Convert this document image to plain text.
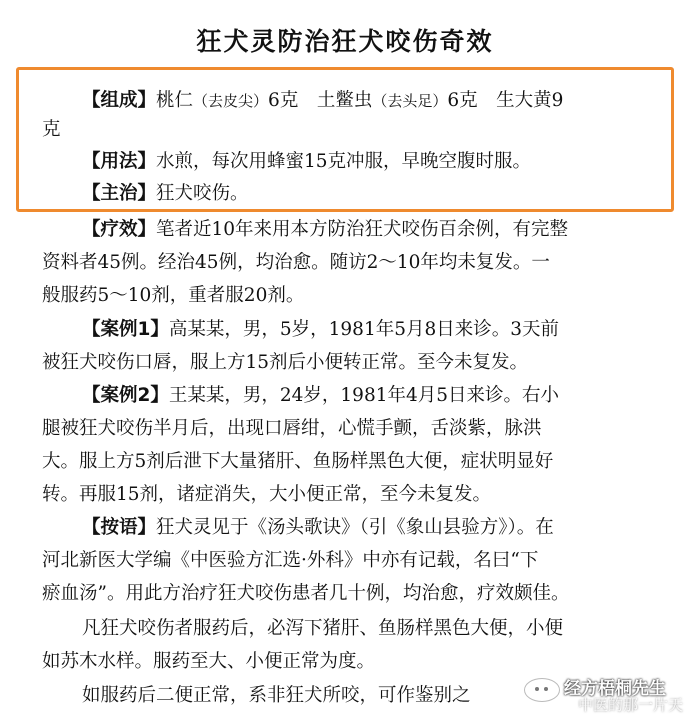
狂犬灵防治狂犬咬伤奇效
【组成】桃仁（去皮尖）6克　土鳖虫（去头足）6克　生大黄9
克
【用法】水煎，每次用蜂蜜15克冲服，早晚空腹时服。
【主治】狂犬咬伤。
【疗效】笔者近10年来用本方防治狂犬咬伤百余例，有完整
资料者45例。经治45例，均治愈。随访2～10年均未复发。一
般服药5～10剂，重者服20剂。
【案例1】高某某，男，5岁，1981年5月8日来诊。3天前
被狂犬咬伤口唇，服上方15剂后小便转正常。至今未复发。
【案例2】王某某，男，24岁，1981年4月5日来诊。右小
腿被狂犬咬伤半月后，出现口唇绀，心慌手颤，舌淡紫，脉洪
大。服上方5剂后泄下大量猪肝、鱼肠样黑色大便，症状明显好
转。再服15剂，诸症消失，大小便正常，至今未复发。
【按语】狂犬灵见于《汤头歌诀》（引《象山县验方》）。在
河北新医大学编《中医验方汇选·外科》中亦有记载，名曰“下
瘀血汤”。用此方治疗狂犬咬伤患者几十例，均治愈，疗效颇佳。
凡狂犬咬伤者服药后，必泻下猪肝、鱼肠样黑色大便，小便
如苏木水样。服药至大、小便正常为度。
如服药后二便正常，系非狂犬所咬，可作鉴别之	经方梧桐先生
中医的那一片天
